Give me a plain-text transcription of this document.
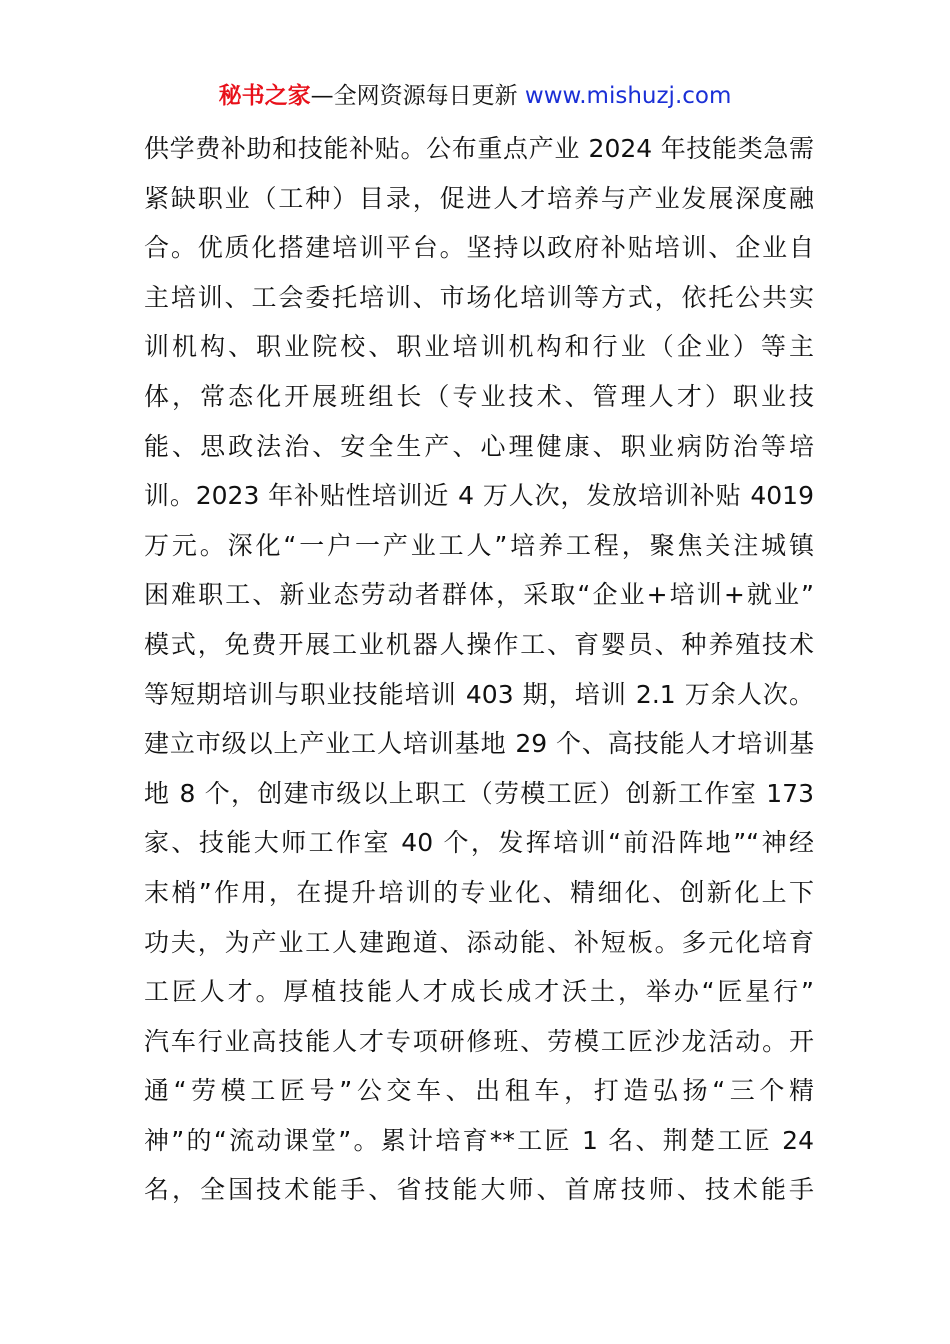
秘书之家—全网资源每日更新 www.mishuzj.com
供学费补助和技能补贴。公布重点产业 2024 年技能类急需
紧缺职业（工种）目录，促进人才培养与产业发展深度融
合。优质化搭建培训平台。坚持以政府补贴培训、企业自
主培训、工会委托培训、市场化培训等方式，依托公共实
训机构、职业院校、职业培训机构和行业（企业）等主
体，常态化开展班组长（专业技术、管理人才）职业技
能、思政法治、安全生产、心理健康、职业病防治等培
训。2023 年补贴性培训近 4 万人次，发放培训补贴 4019
万元。深化“一户一产业工人”培养工程，聚焦关注城镇
困难职工、新业态劳动者群体，采取“企业+培训+就业”
模式，免费开展工业机器人操作工、育婴员、种养殖技术
等短期培训与职业技能培训 403 期，培训 2.1 万余人次。
建立市级以上产业工人培训基地 29 个、高技能人才培训基
地 8 个，创建市级以上职工（劳模工匠）创新工作室 173
家、技能大师工作室 40 个，发挥培训“前沿阵地”“神经
末梢”作用，在提升培训的专业化、精细化、创新化上下
功夫，为产业工人建跑道、添动能、补短板。多元化培育
工匠人才。厚植技能人才成长成才沃土，举办“匠星行”
汽车行业高技能人才专项研修班、劳模工匠沙龙活动。开
通“劳模工匠号”公交车、出租车，打造弘扬“三个精
神”的“流动课堂”。累计培育**工匠 1 名、荆楚工匠 24
名，全国技术能手、省技能大师、首席技师、技术能手
